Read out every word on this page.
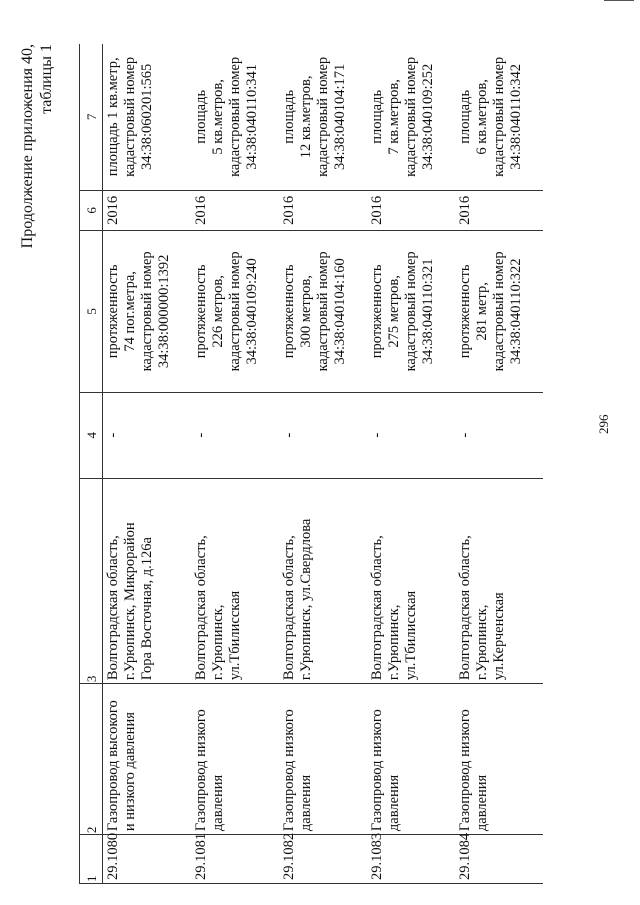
296
Продолжение приложения 40, таблицы 1
1	2	3	4	5	6	7
29.1080	Газопровод высокого и низкого давления	Волгоградская область, г.Урюпинск, Микрорайон Гора Восточная, д.126а	-	протяженность 74 пог.метра, кадастровый номер 34:38:000000:1392	2016	площадь 1 кв.метр, кадастровый номер 34:38:060201:565

29.1081	Газопровод низкого давления	Волгоградская область, г.Урюпинск, ул.Тбилисская	-	протяженность 226 метров, кадастровый номер 34:38:040109:240	2016	площадь 5 кв.метров, кадастровый номер 34:38:040110:341

29.1082	Газопровод низкого давления	Волгоградская область, г.Урюпинск, ул.Свердлова	-	протяженность 300 метров, кадастровый номер 34:38:040104:160	2016	площадь 12 кв.метров, кадастровый номер 34:38:040104:171

29.1083	Газопровод низкого давления	Волгоградская область, г.Урюпинск, ул.Тбилисская	-	протяженность 275 метров, кадастровый номер 34:38:040110:321	2016	площадь 7 кв.метров, кадастровый номер 34:38:040109:252

29.1084	Газопровод низкого давления	Волгоградская область, г.Урюпинск, ул.Керченская	-	протяженность 281 метр, кадастровый номер 34:38:040110:322	2016	площадь 6 кв.метров, кадастровый номер 34:38:040110:342
